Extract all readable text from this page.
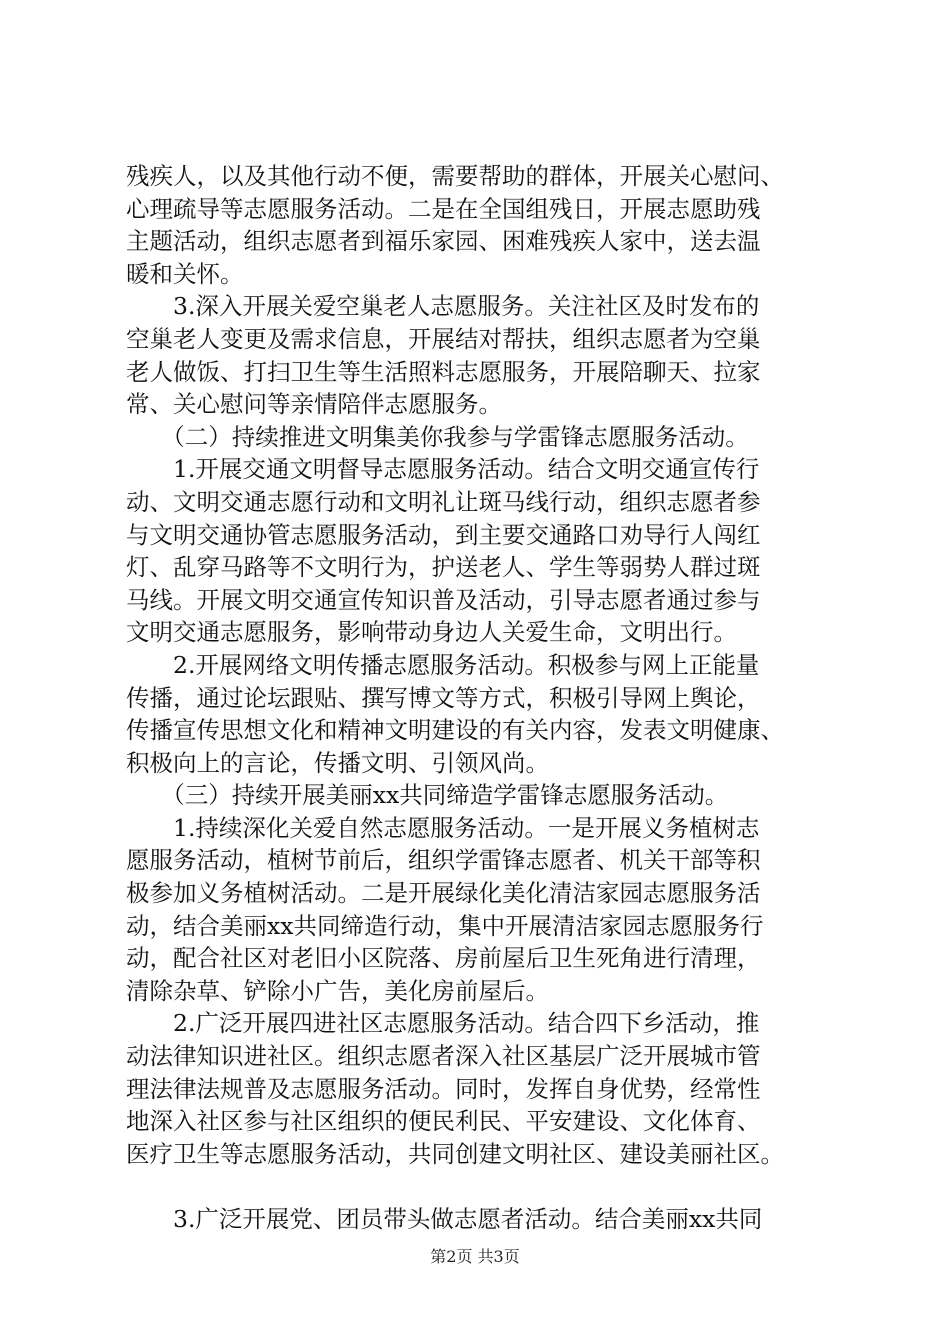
残疾人，以及其他行动不便，需要帮助的群体，开展关心慰问、
心理疏导等志愿服务活动。二是在全国组残日，开展志愿助残
主题活动，组织志愿者到福乐家园、困难残疾人家中，送去温
暖和关怀。
　　3.深入开展关爱空巢老人志愿服务。关注社区及时发布的
空巢老人变更及需求信息，开展结对帮扶，组织志愿者为空巢
老人做饭、打扫卫生等生活照料志愿服务，开展陪聊天、拉家
常、关心慰问等亲情陪伴志愿服务。
　　（二）持续推进文明集美你我参与学雷锋志愿服务活动。
　　1.开展交通文明督导志愿服务活动。结合文明交通宣传行
动、文明交通志愿行动和文明礼让斑马线行动，组织志愿者参
与文明交通协管志愿服务活动，到主要交通路口劝导行人闯红
灯、乱穿马路等不文明行为，护送老人、学生等弱势人群过斑
马线。开展文明交通宣传知识普及活动，引导志愿者通过参与
文明交通志愿服务，影响带动身边人关爱生命，文明出行。
　　2.开展网络文明传播志愿服务活动。积极参与网上正能量
传播，通过论坛跟贴、撰写博文等方式，积极引导网上舆论，
传播宣传思想文化和精神文明建设的有关内容，发表文明健康、
积极向上的言论，传播文明、引领风尚。
　　（三）持续开展美丽xx共同缔造学雷锋志愿服务活动。
　　1.持续深化关爱自然志愿服务活动。一是开展义务植树志
愿服务活动，植树节前后，组织学雷锋志愿者、机关干部等积
极参加义务植树活动。二是开展绿化美化清洁家园志愿服务活
动，结合美丽xx共同缔造行动，集中开展清洁家园志愿服务行
动，配合社区对老旧小区院落、房前屋后卫生死角进行清理，
清除杂草、铲除小广告，美化房前屋后。
　　2.广泛开展四进社区志愿服务活动。结合四下乡活动，推
动法律知识进社区。组织志愿者深入社区基层广泛开展城市管
理法律法规普及志愿服务活动。同时，发挥自身优势，经常性
地深入社区参与社区组织的便民利民、平安建设、文化体育、
医疗卫生等志愿服务活动，共同创建文明社区、建设美丽社区。
　　3.广泛开展党、团员带头做志愿者活动。结合美丽xx共同
第2页 共3页
